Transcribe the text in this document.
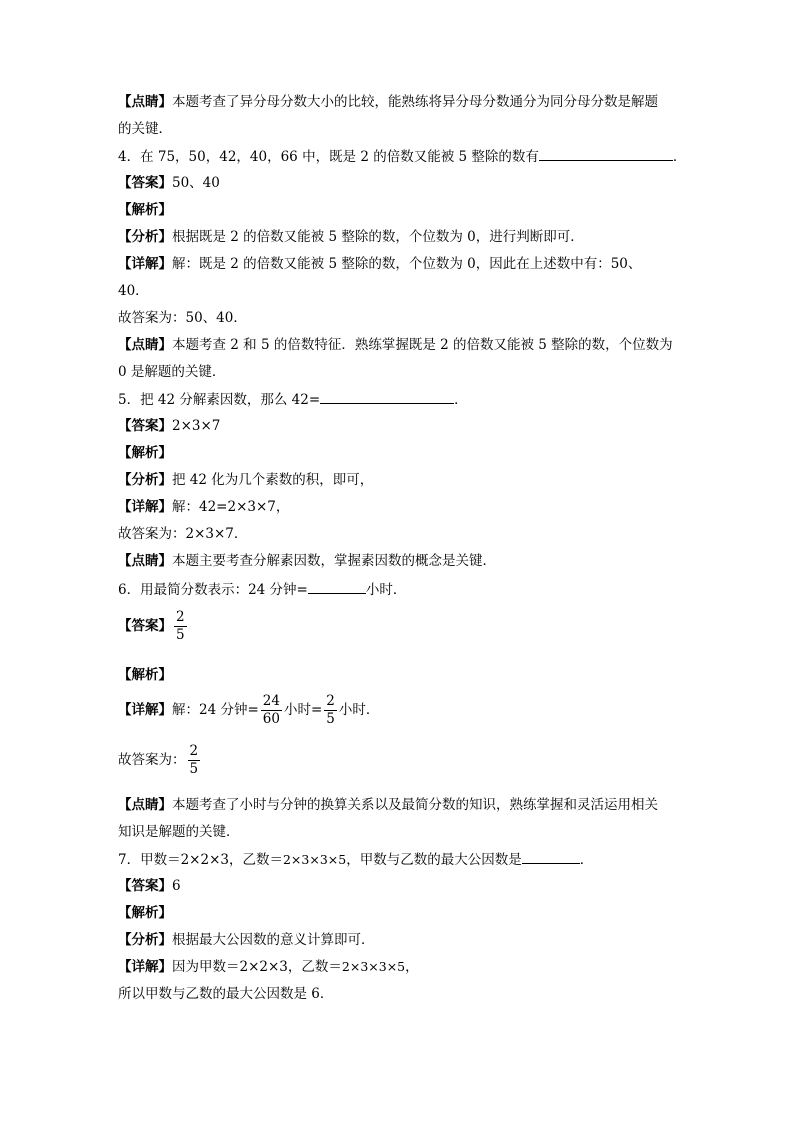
【点睛】本题考查了异分母分数大小的比较，能熟练将异分母分数通分为同分母分数是解题
的关键．
4．在 75，50，42，40，66 中，既是 2 的倍数又能被 5 整除的数有	．
【答案】50、40
【解析】
【分析】根据既是 2 的倍数又能被 5 整除的数，个位数为 0，进行判断即可．
【详解】解：既是 2 的倍数又能被 5 整除的数，个位数为 0，因此在上述数中有：50、
40．
故答案为：50、40．
【点睛】本题考查 2 和 5 的倍数特征．熟练掌握既是 2 的倍数又能被 5 整除的数，个位数为
0 是解题的关键．
5．把 42 分解素因数，那么 42=	．
【答案】2×3×7
【解析】
【分析】把 42 化为几个素数的积，即可，
【详解】解：42=2×3×7，
故答案为：2×3×7．
【点睛】本题主要考查分解素因数，掌握素因数的概念是关键．
6．用最简分数表示：24 分钟=	小时．
【答案】 $\frac{2}{5}$
【解析】
【详解】解：24 分钟= $\frac{24}{60}$ 小时= $\frac{2}{5}$ 小时．
故答案为： $\frac{2}{5}$
【点睛】本题考查了小时与分钟的换算关系以及最简分数的知识，熟练掌握和灵活运用相关
知识是解题的关键．
7．甲数＝2×2×3，乙数＝2×3×3×5，甲数与乙数的最大公因数是	．
【答案】6
【解析】
【分析】根据最大公因数的意义计算即可．
【详解】因为甲数＝2×2×3，乙数＝2×3×3×5，
所以甲数与乙数的最大公因数是 6．
